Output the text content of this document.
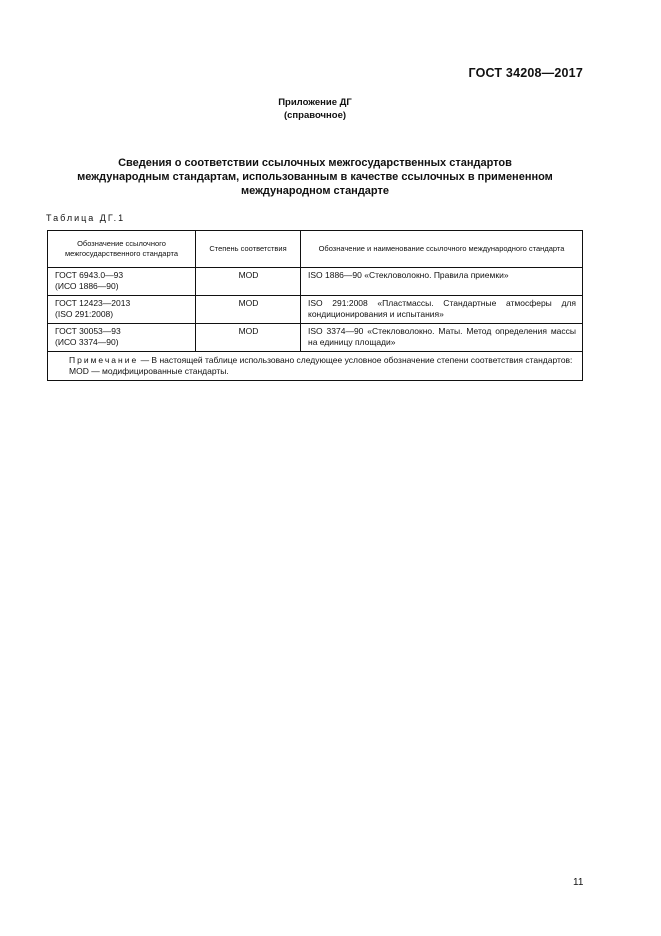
ГОСТ 34208—2017
Приложение ДГ
(справочное)
Сведения о соответствии ссылочных межгосударственных стандартов
международным стандартам, использованным в качестве ссылочных в примененном
международном стандарте
Таблица ДГ.1
Обозначение ссылочного межгосударственного стандарта	Степень соответствия	Обозначение и наименование ссылочного международного стандарта

ГОСТ 6943.0—93
(ИСО 1886—90)	MOD	ISO 1886—90 «Стекловолокно. Правила приемки»

ГОСТ 12423—2013
(ISO 291:2008)	MOD	ISO 291:2008 «Пластмассы. Стандартные атмосферы для кондиционирования и испытания»

ГОСТ 30053—93
(ИСО 3374—90)	MOD	ISO 3374—90 «Стекловолокно. Маты. Метод определения массы на единицу площади»

Примечание — В настоящей таблице использовано следующее условное обозначение степени соответствия стандартов:
MOD — модифицированные стандарты.		
11
